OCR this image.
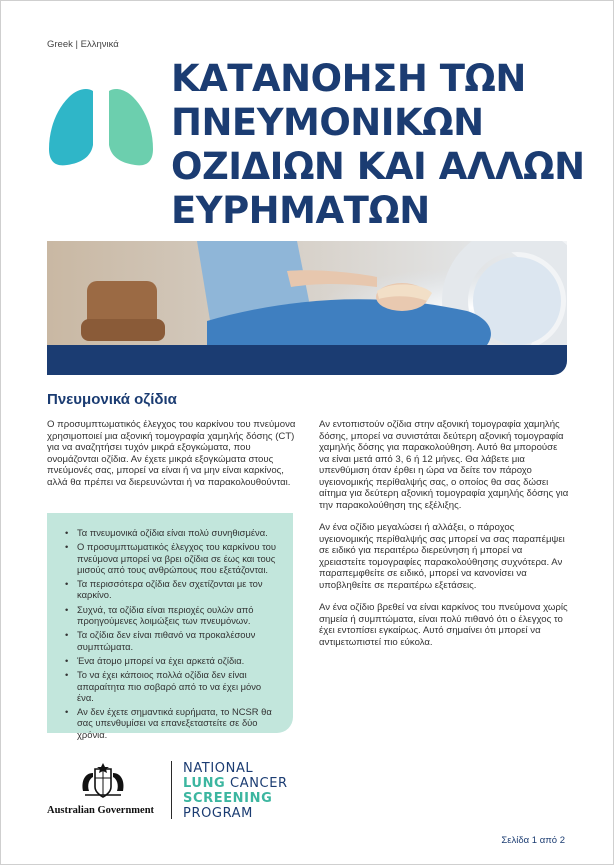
Greek | Ελληνικά
ΚΑΤΑΝΟΗΣΗ ΤΩΝ ΠΝΕΥΜΟΝΙΚΩΝ ΟΖΙΔΙΩΝ ΚΑΙ ΑΛΛΩΝ ΕΥΡΗΜΑΤΩΝ
Πνευμονικά οζίδια
Ο προσυμπτωματικός έλεγχος του καρκίνου του πνεύμονα χρησιμοποιεί μια αξονική τομογραφία χαμηλής δόσης (CT) για να αναζητήσει τυχόν μικρά εξογκώματα, που ονομάζονται οζίδια. Αν έχετε μικρά εξογκώματα στους πνεύμονές σας, μπορεί να είναι ή να μην είναι καρκίνος, αλλά θα πρέπει να διερευνώνται ή να παρακολουθούνται.
• Τα πνευμονικά οζίδια είναι πολύ συνηθισμένα.
• Ο προσυμπτωματικός έλεγχος του καρκίνου του πνεύμονα μπορεί να βρει οζίδια σε έως και τους μισούς από τους ανθρώπους που εξετάζονται.
• Τα περισσότερα οζίδια δεν σχετίζονται με τον καρκίνο.
• Συχνά, τα οζίδια είναι περιοχές ουλών από προηγούμενες λοιμώξεις των πνευμόνων.
• Τα οζίδια δεν είναι πιθανό να προκαλέσουν συμπτώματα.
• Ένα άτομο μπορεί να έχει αρκετά οζίδια.
• Το να έχει κάποιος πολλά οζίδια δεν είναι απαραίτητα πιο σοβαρό από το να έχει μόνο ένα.
• Αν δεν έχετε σημαντικά ευρήματα, το NCSR θα σας υπενθυμίσει να επανεξεταστείτε σε δύο χρόνια.

Αν εντοπιστούν οζίδια στην αξονική τομογραφία χαμηλής δόσης, μπορεί να συνιστάται δεύτερη αξονική τομογραφία χαμηλής δόσης για παρακολούθηση. Αυτό θα μπορούσε να είναι μετά από 3, 6 ή 12 μήνες. Θα λάβετε μια υπενθύμιση όταν έρθει η ώρα να δείτε τον πάροχο υγειονομικής περίθαλψής σας, ο οποίος θα σας δώσει αίτημα για δεύτερη αξονική τομογραφία χαμηλής δόσης για την παρακολούθηση της εξέλιξης.

Αν ένα οζίδιο μεγαλώσει ή αλλάξει, ο πάροχος υγειονομικής περίθαλψής σας μπορεί να σας παραπέμψει σε ειδικό για περαιτέρω διερεύνηση ή μπορεί να χρειαστείτε τομογραφίες παρακολούθησης συχνότερα. Αν παραπεμφθείτε σε ειδικό, μπορεί να κανονίσει να υποβληθείτε σε περαιτέρω εξετάσεις.

Αν ένα οζίδιο βρεθεί να είναι καρκίνος του πνεύμονα χωρίς σημεία ή συμπτώματα, είναι πολύ πιθανό ότι ο έλεγχος το έχει εντοπίσει εγκαίρως. Αυτό σημαίνει ότι μπορεί να αντιμετωπιστεί πιο εύκολα.

Australian Government
NATIONAL
LUNG CANCER
SCREENING
PROGRAM
Σελίδα 1 από 2
